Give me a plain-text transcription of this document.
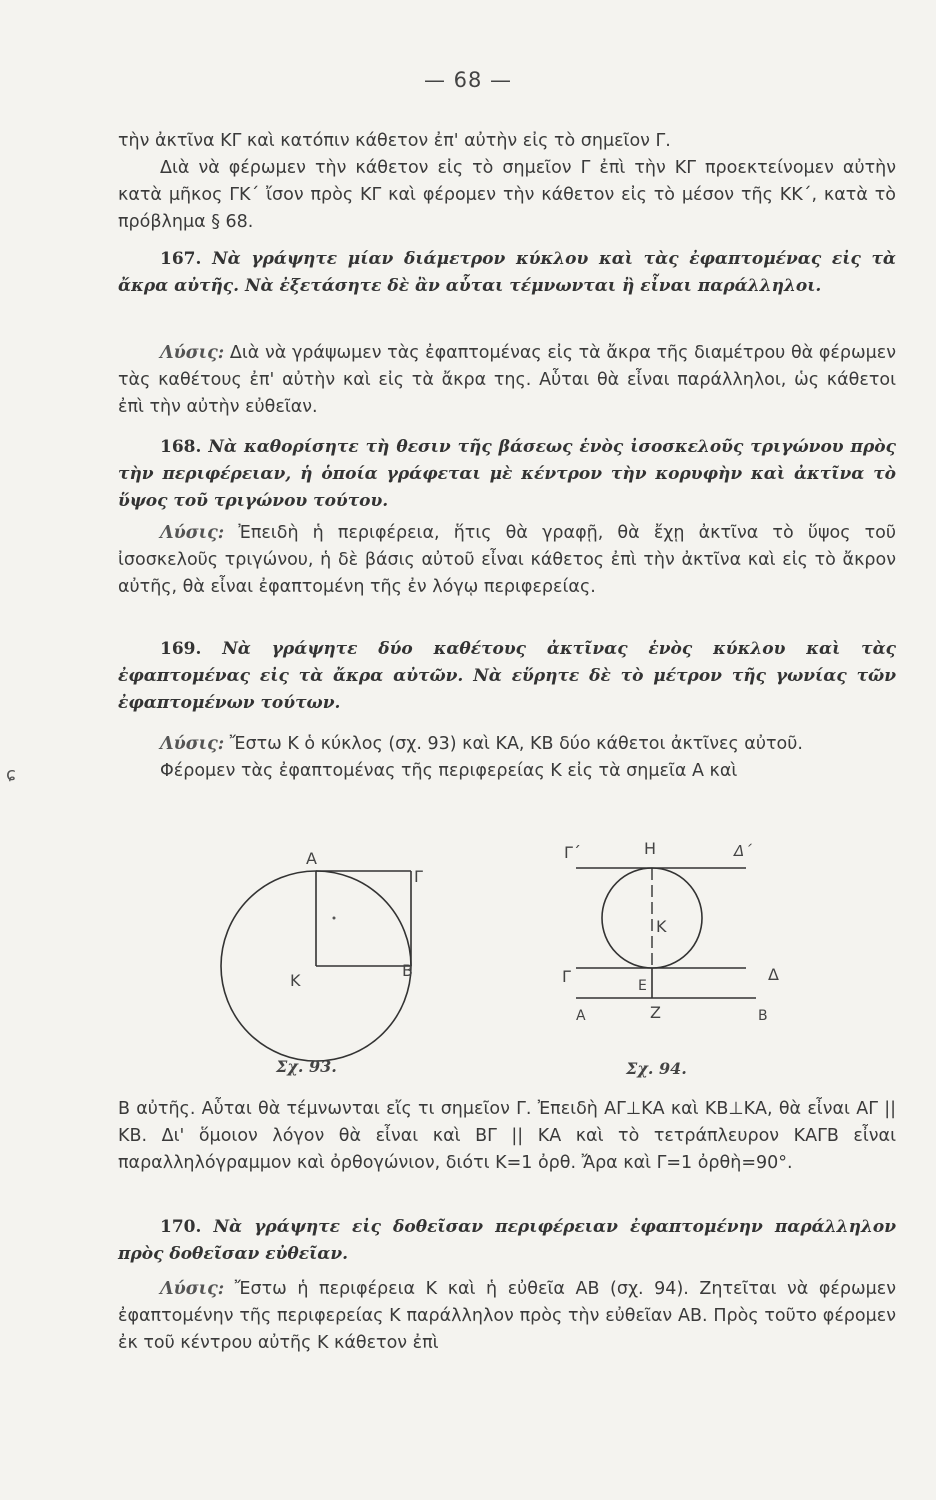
— 68 —

τὴν ἀκτῖνα ΚΓ καὶ κατόπιν κάθετον ἐπ' αὐτὴν εἰς τὸ σημεῖον Γ.

Διὰ νὰ φέρωμεν τὴν κάθετον εἰς τὸ σημεῖον Γ ἐπὶ τὴν ΚΓ προεκτείνομεν αὐτὴν κατὰ μῆκος ΓΚ΄ ἴσον πρὸς ΚΓ καὶ φέρομεν τὴν κάθετον εἰς τὸ μέσον τῆς ΚΚ΄, κατὰ τὸ πρόβλημα § 68.

167. Νὰ γράψητε μίαν διάμετρον κύκλου καὶ τὰς ἐφαπτομένας εἰς τὰ ἄκρα αὐτῆς. Νὰ ἐξετάσητε δὲ ἂν αὗται τέμνωνται ἢ εἶναι παράλληλοι.

Λύσις: Διὰ νὰ γράψωμεν τὰς ἐφαπτομένας εἰς τὰ ἄκρα τῆς διαμέτρου θὰ φέρωμεν τὰς καθέτους ἐπ' αὐτὴν καὶ εἰς τὰ ἄκρα της. Αὗται θὰ εἶναι παράλληλοι, ὡς κάθετοι ἐπὶ τὴν αὐτὴν εὐθεῖαν.

168. Νὰ καθορίσητε τὴ θεσιν τῆς βάσεως ἑνὸς ἰσοσκελοῦς τριγώνου πρὸς τὴν περιφέρειαν, ἡ ὁποία γράφεται μὲ κέντρον τὴν κορυφὴν καὶ ἀκτῖνα τὸ ὕψος τοῦ τριγώνου τούτου.

Λύσις: Ἐπειδὴ ἡ περιφέρεια, ἥτις θὰ γραφῇ, θὰ ἔχῃ ἀκτῖνα τὸ ὕψος τοῦ ἰσοσκελοῦς τριγώνου, ἡ δὲ βάσις αὐτοῦ εἶναι κάθετος ἐπὶ τὴν ἀκτῖνα καὶ εἰς τὸ ἄκρον αὐτῆς, θὰ εἶναι ἐφαπτομένη τῆς ἐν λόγῳ περιφερείας.

169. Νὰ γράψητε δύο καθέτους ἀκτῖνας ἑνὸς κύκλου καὶ τὰς ἐφαπτομένας εἰς τὰ ἄκρα αὐτῶν. Νὰ εὕρητε δὲ τὸ μέτρον τῆς γωνίας τῶν ἐφαπτομένων τούτων.

Λύσις: Ἔστω Κ ὁ κύκλος (σχ. 93) καὶ ΚΑ, ΚΒ δύο κάθετοι ἀκτῖνες αὐτοῦ.

Φέρομεν τὰς ἐφαπτομένας τῆς περιφερείας Κ εἰς τὰ σημεῖα Α καὶ

ɕ
A
Γ
K
B
Σχ. 93.
Γ΄	H	Δ΄
K
Γ	E
Δ
A	Z	B
Σχ. 94.

Β αὐτῆς. Αὗται θὰ τέμνωνται εἴς τι σημεῖον Γ. Ἐπειδὴ ΑΓ⊥ΚΑ καὶ ΚΒ⊥ΚΑ, θὰ εἶναι ΑΓ || ΚΒ. Δι' ὅμοιον λόγον θὰ εἶναι καὶ ΒΓ || ΚΑ καὶ τὸ τετράπλευρον ΚΑΓΒ εἶναι παραλληλόγραμμον καὶ ὀρθογώνιον, διότι Κ=1 ὀρθ. Ἄρα καὶ Γ=1 ὀρθὴ=90°.

170. Νὰ γράψητε εἰς δοθεῖσαν περιφέρειαν ἐφαπτομένην παράλληλον πρὸς δοθεῖσαν εὐθεῖαν.

Λύσις: Ἔστω ἡ περιφέρεια Κ καὶ ἡ εὐθεῖα ΑΒ (σχ. 94). Ζητεῖται νὰ φέρωμεν ἐφαπτομένην τῆς περιφερείας Κ παράλληλον πρὸς τὴν εὐθεῖαν ΑΒ. Πρὸς τοῦτο φέρομεν ἐκ τοῦ κέντρου αὐτῆς Κ κάθετον ἐπὶ
